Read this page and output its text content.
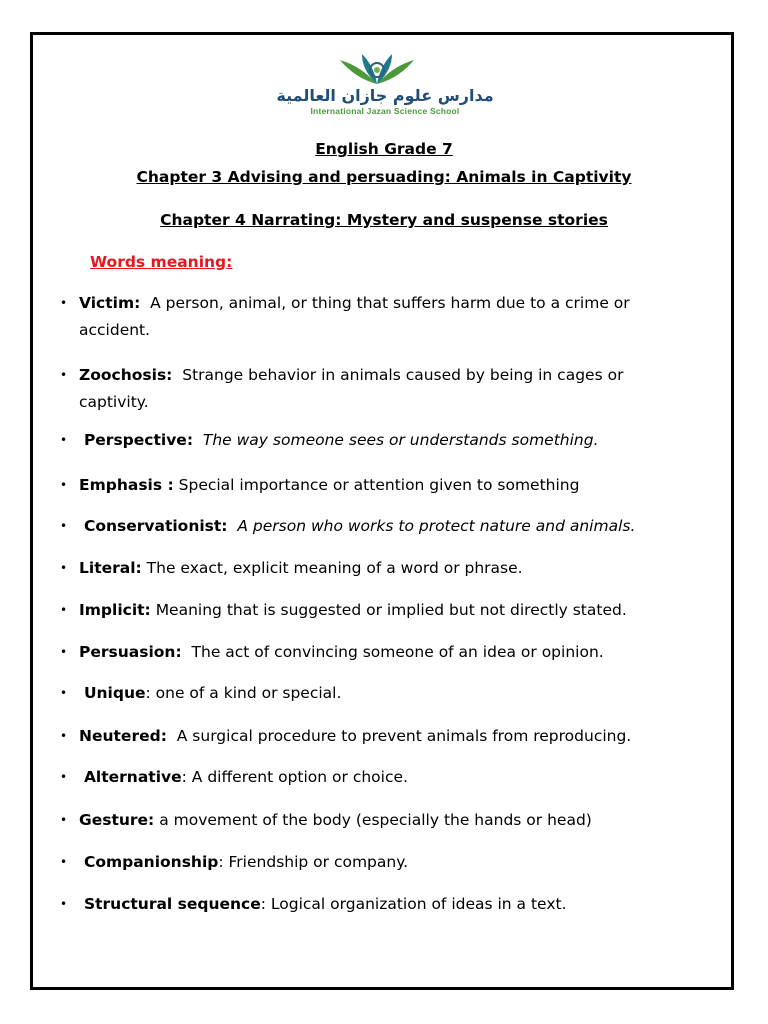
مدارس علوم جازان العالمية
International Jazan Science School
English Grade 7
Chapter 3 Advising and persuading: Animals in Captivity
Chapter 4 Narrating: Mystery and suspense stories
Words meaning:
• Victim: A person, animal, or thing that suffers harm due to a crime or accident.
• Zoochosis: Strange behavior in animals caused by being in cages or captivity.
•	Perspective: The way someone sees or understands something.
• Emphasis : Special importance or attention given to something
•	Conservationist: A person who works to protect nature and animals.
• Literal: The exact, explicit meaning of a word or phrase.
• Implicit: Meaning that is suggested or implied but not directly stated.
• Persuasion: The act of convincing someone of an idea or opinion.
•	Unique: one of a kind or special.
• Neutered: A surgical procedure to prevent animals from reproducing.
•	Alternative: A different option or choice.
• Gesture: a movement of the body (especially the hands or head)
•	Companionship: Friendship or company.
•	Structural sequence: Logical organization of ideas in a text.
